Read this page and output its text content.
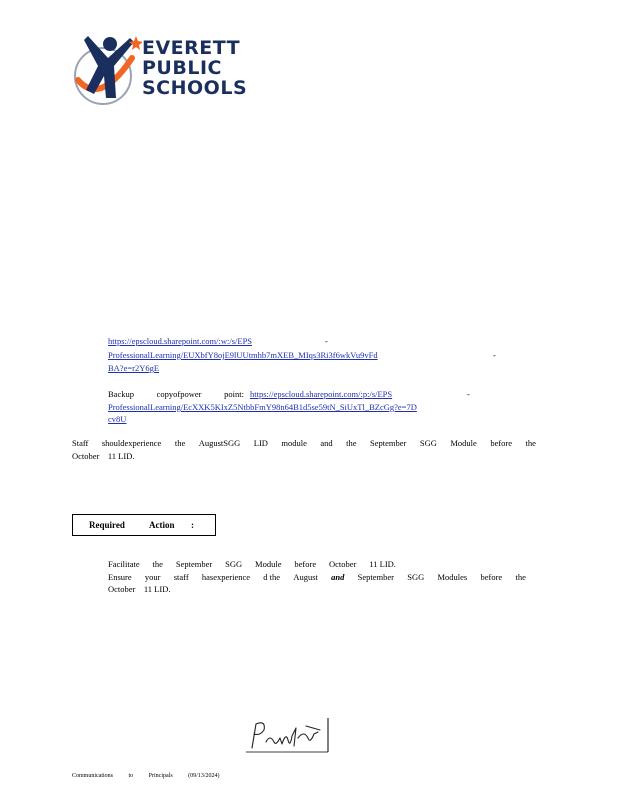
EVERETT
PUBLIC
SCHOOLS
https://epscloud.sharepoint.com/:w:/s/EPS	-
ProfessionalLearning/EUXbfY8ojE9lUUtmhb7mXEB_MIqs3Ri3f6wkVu9vFd	-
BA?e=r2Y6gE
Backup	copyofpower	point: https://epscloud.sharepoint.com/:p:/s/EPS	-
ProfessionalLearning/EcXXK5KIxZ5NtbbFmY98n64B1d5se59tN_SiUxTl_BZcGg?e=7D
cv8U
Staff shouldexperience the AugustSGG LID module and the September SGG Module before the
October    11 LID.
Required	Action :
Facilitate the September SGG Module before October 11 LID.
Ensure your staff hasexperience d the August and September SGG Modules before the
October    11 LID.
Communications	to	Principals	(09/13/2024)
